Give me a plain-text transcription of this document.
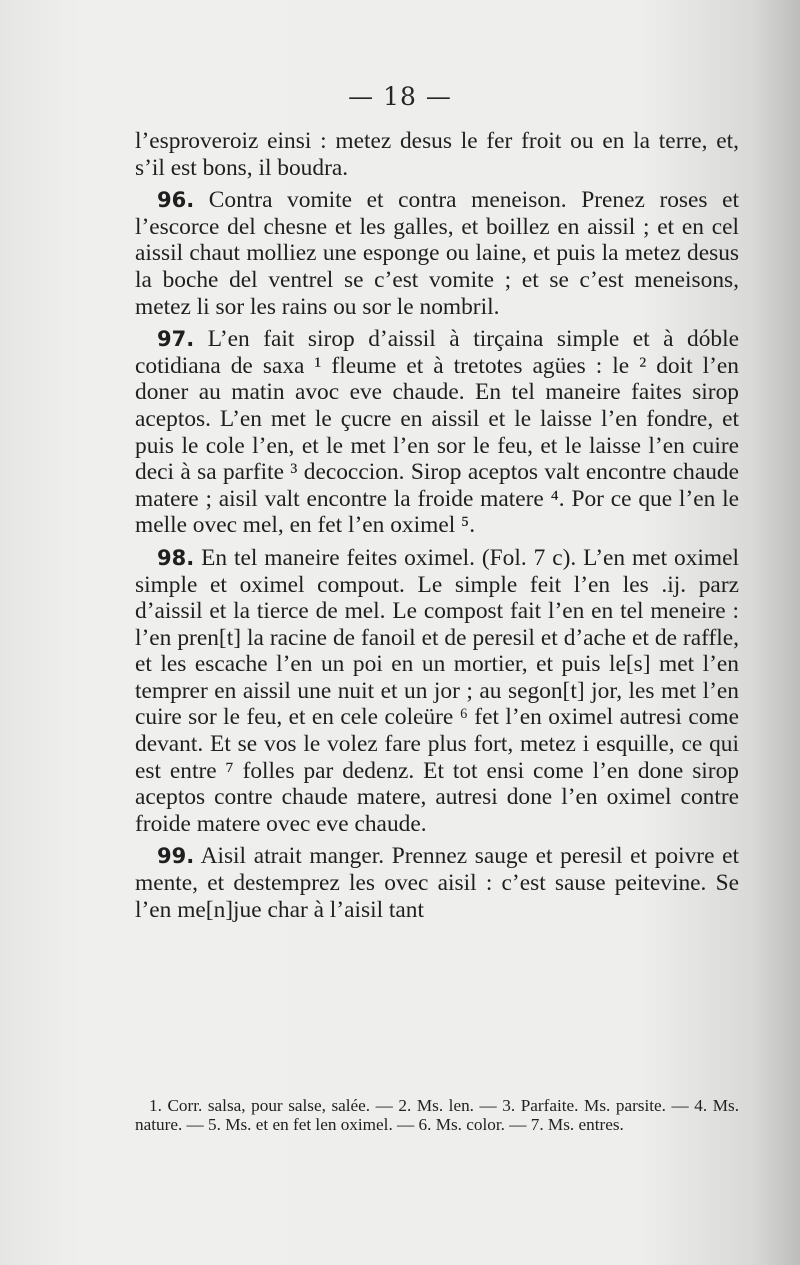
— 18 —

l’esproveroiz einsi : metez desus le fer froit ou en la terre, et, s’il est bons, il boudra.

96. Contra vomite et contra meneison. Prenez roses et l’escorce del chesne et les galles, et boillez en aissil ; et en cel aissil chaut molliez une esponge ou laine, et puis la metez desus la boche del ventrel se c’est vomite ; et se c’est meneisons, metez li sor les rains ou sor le nombril.

97. L’en fait sirop d’aissil à tirçaina simple et à dóble cotidiana de saxa ¹ fleume et à tretotes agües : le ² doit l’en doner au matin avoc eve chaude. En tel maneire faites sirop aceptos. L’en met le çucre en aissil et le laisse l’en fondre, et puis le cole l’en, et le met l’en sor le feu, et le laisse l’en cuire deci à sa parfite ³ decoccion. Sirop aceptos valt encontre chaude matere ; aisil valt encontre la froide matere ⁴. Por ce que l’en le melle ovec mel, en fet l’en oximel ⁵.

98. En tel maneire feites oximel. (Fol. 7 c). L’en met oximel simple et oximel compout. Le simple feit l’en les .ij. parz d’aissil et la tierce de mel. Le compost fait l’en en tel meneire : l’en pren[t] la racine de fanoil et de peresil et d’ache et de raffle, et les escache l’en un poi en un mortier, et puis le[s] met l’en temprer en aissil une nuit et un jor ; au segon[t] jor, les met l’en cuire sor le feu, et en cele coleüre ⁶ fet l’en oximel autresi come devant. Et se vos le volez fare plus fort, metez i esquille, ce qui est entre ⁷ folles par dedenz. Et tot ensi come l’en done sirop aceptos contre chaude matere, autresi done l’en oximel contre froide matere ovec eve chaude.

99. Aisil atrait manger. Prennez sauge et peresil et poivre et mente, et destemprez les ovec aisil : c’est sause peitevine. Se l’en me[n]jue char à l’aisil tant

1. Corr. salsa, pour salse, salée. — 2. Ms. len. — 3. Parfaite. Ms. parsite. — 4. Ms. nature. — 5. Ms. et en fet len oximel. — 6. Ms. color. — 7. Ms. entres.
